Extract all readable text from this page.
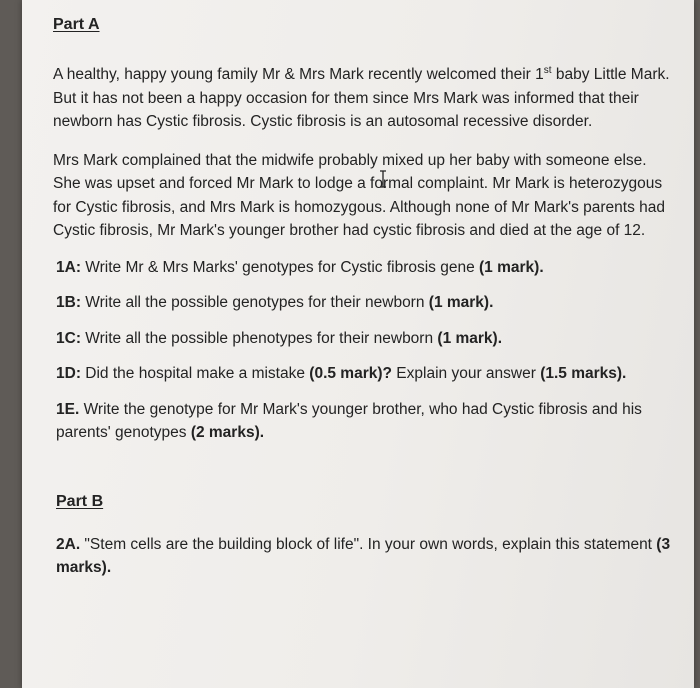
Part A

A healthy, happy young family Mr & Mrs Mark recently welcomed their 1st baby Little Mark. But it has not been a happy occasion for them since Mrs Mark was informed that their newborn has Cystic fibrosis. Cystic fibrosis is an autosomal recessive disorder.

Mrs Mark complained that the midwife probably mixed up her baby with someone else. She was upset and forced Mr Mark to lodge a formal complaint. Mr Mark is heterozygous for Cystic fibrosis, and Mrs Mark is homozygous. Although none of Mr Mark's parents had Cystic fibrosis, Mr Mark's younger brother had cystic fibrosis and died at the age of 12.

1A: Write Mr & Mrs Marks' genotypes for Cystic fibrosis gene (1 mark).

1B: Write all the possible genotypes for their newborn (1 mark).

1C: Write all the possible phenotypes for their newborn (1 mark).

1D: Did the hospital make a mistake (0.5 mark)? Explain your answer (1.5 marks).

1E. Write the genotype for Mr Mark's younger brother, who had Cystic fibrosis and his parents' genotypes (2 marks).

Part B

2A. "Stem cells are the building block of life". In your own words, explain this statement (3 marks).
